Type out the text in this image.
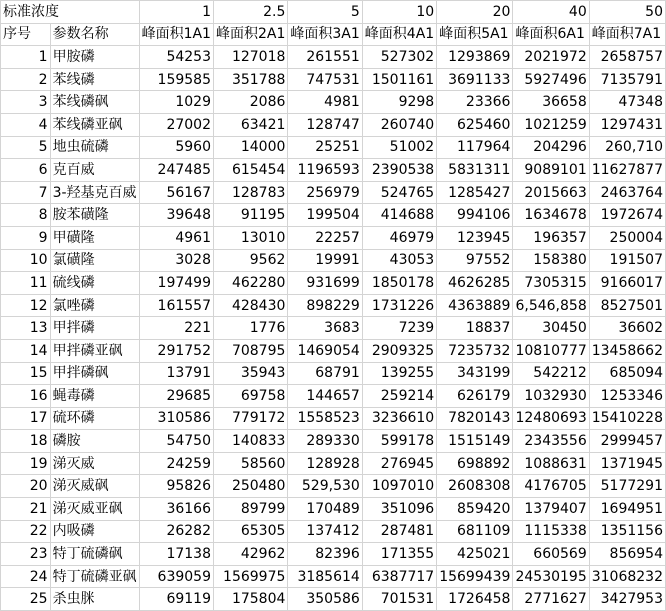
标准浓度		1	2.5	5	10	20	40	50
序号	参数名称	峰面积1A1	峰面积2A1	峰面积3A1	峰面积4A1	峰面积5A1	峰面积6A1	峰面积7A1
1	甲胺磷	54253	127018	261551	527302	1293869	2021972	2658757
2	苯线磷	159585	351788	747531	1501161	3691133	5927496	7135791
3	苯线磷砜	1029	2086	4981	9298	23366	36658	47348
4	苯线磷亚砜	27002	63421	128747	260740	625460	1021259	1297431
5	地虫硫磷	5960	14000	25251	51002	117964	204296	260,710
6	克百威	247485	615454	1196593	2390538	5831311	9089101	11627877
7	3-羟基克百威	56167	128783	256979	524765	1285427	2015663	2463764
8	胺苯磺隆	39648	91195	199504	414688	994106	1634678	1972674
9	甲磺隆	4961	13010	22257	46979	123945	196357	250004
10	氯磺隆	3028	9562	19991	43053	97552	158380	191507
11	硫线磷	197499	462280	931699	1850178	4626285	7305315	9166017
12	氯唑磷	161557	428430	898229	1731226	4363889	6,546,858	8527501
13	甲拌磷	221	1776	3683	7239	18837	30450	36602
14	甲拌磷亚砜	291752	708795	1469054	2909325	7235732	10810777	13458662
15	甲拌磷砜	13791	35943	68791	139255	343199	542212	685094
16	蝇毒磷	29685	69758	144657	259214	626179	1032930	1253346
17	硫环磷	310586	779172	1558523	3236610	7820143	12480693	15410228
18	磷胺	54750	140833	289330	599178	1515149	2343556	2999457
19	涕灭威	24259	58560	128928	276945	698892	1088631	1371945
20	涕灭威砜	95826	250480	529,530	1097010	2608308	4176705	5177291
21	涕灭威亚砜	36166	89799	170489	351096	859420	1379407	1694951
22	内吸磷	26282	65305	137412	287481	681109	1115338	1351156
23	特丁硫磷砜	17138	42962	82396	171355	425021	660569	856954
24	特丁硫磷亚砜	639059	1569975	3185614	6387717	15699439	24530195	31068232
25	杀虫脒	69119	175804	350586	701531	1726458	2771627	3427953
